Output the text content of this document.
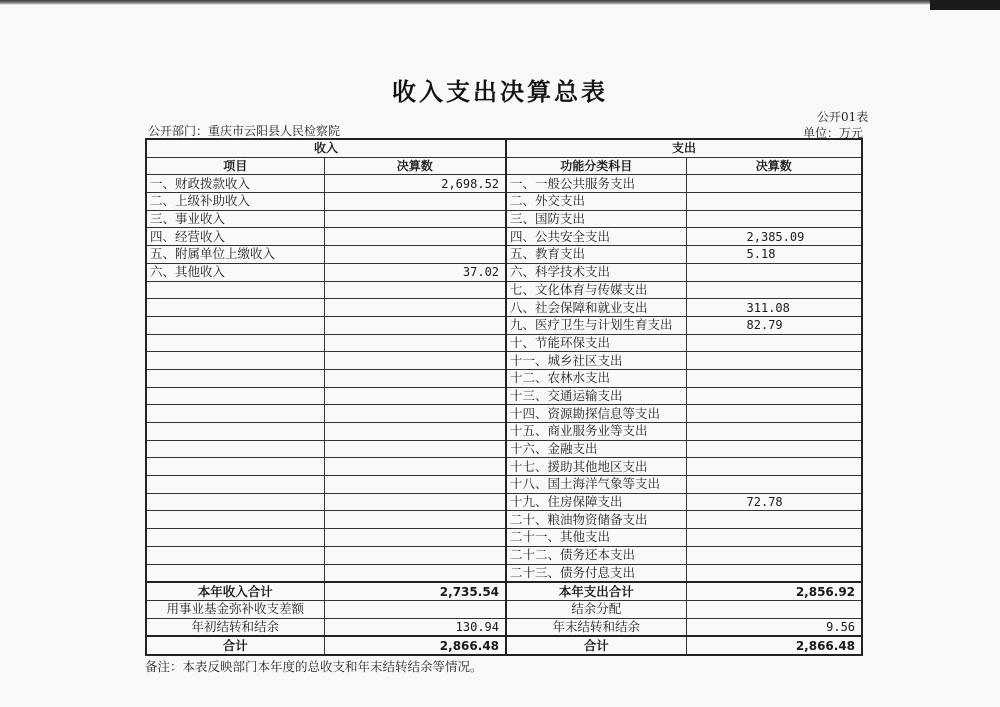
收入支出决算总表
公开01表
公开部门：重庆市云阳县人民检察院	单位：万元
收入		支出	
项目	决算数	功能分类科目	决算数
一、财政拨款收入	2,698.52	一、一般公共服务支出	
二、上级补助收入		二、外交支出	
三、事业收入		三、国防支出	
四、经营收入		四、公共安全支出	2,385.09
五、附属单位上缴收入		五、教育支出	5.18
六、其他收入	37.02	六、科学技术支出	
		七、文化体育与传媒支出	
		八、社会保障和就业支出	311.08
		九、医疗卫生与计划生育支出	82.79
		十、节能环保支出	
		十一、城乡社区支出	
		十二、农林水支出	
		十三、交通运输支出	
		十四、资源勘探信息等支出	
		十五、商业服务业等支出	
		十六、金融支出	
		十七、援助其他地区支出	
		十八、国土海洋气象等支出	
		十九、住房保障支出	72.78
		二十、粮油物资储备支出	
		二十一、其他支出	
		二十二、债务还本支出	
		二十三、债务付息支出	
本年收入合计	2,735.54	本年支出合计	2,856.92
用事业基金弥补收支差额		结余分配	
年初结转和结余	130.94	年末结转和结余	9.56
合计	2,866.48	合计	2,866.48
备注：本表反映部门本年度的总收支和年末结转结余等情况。
